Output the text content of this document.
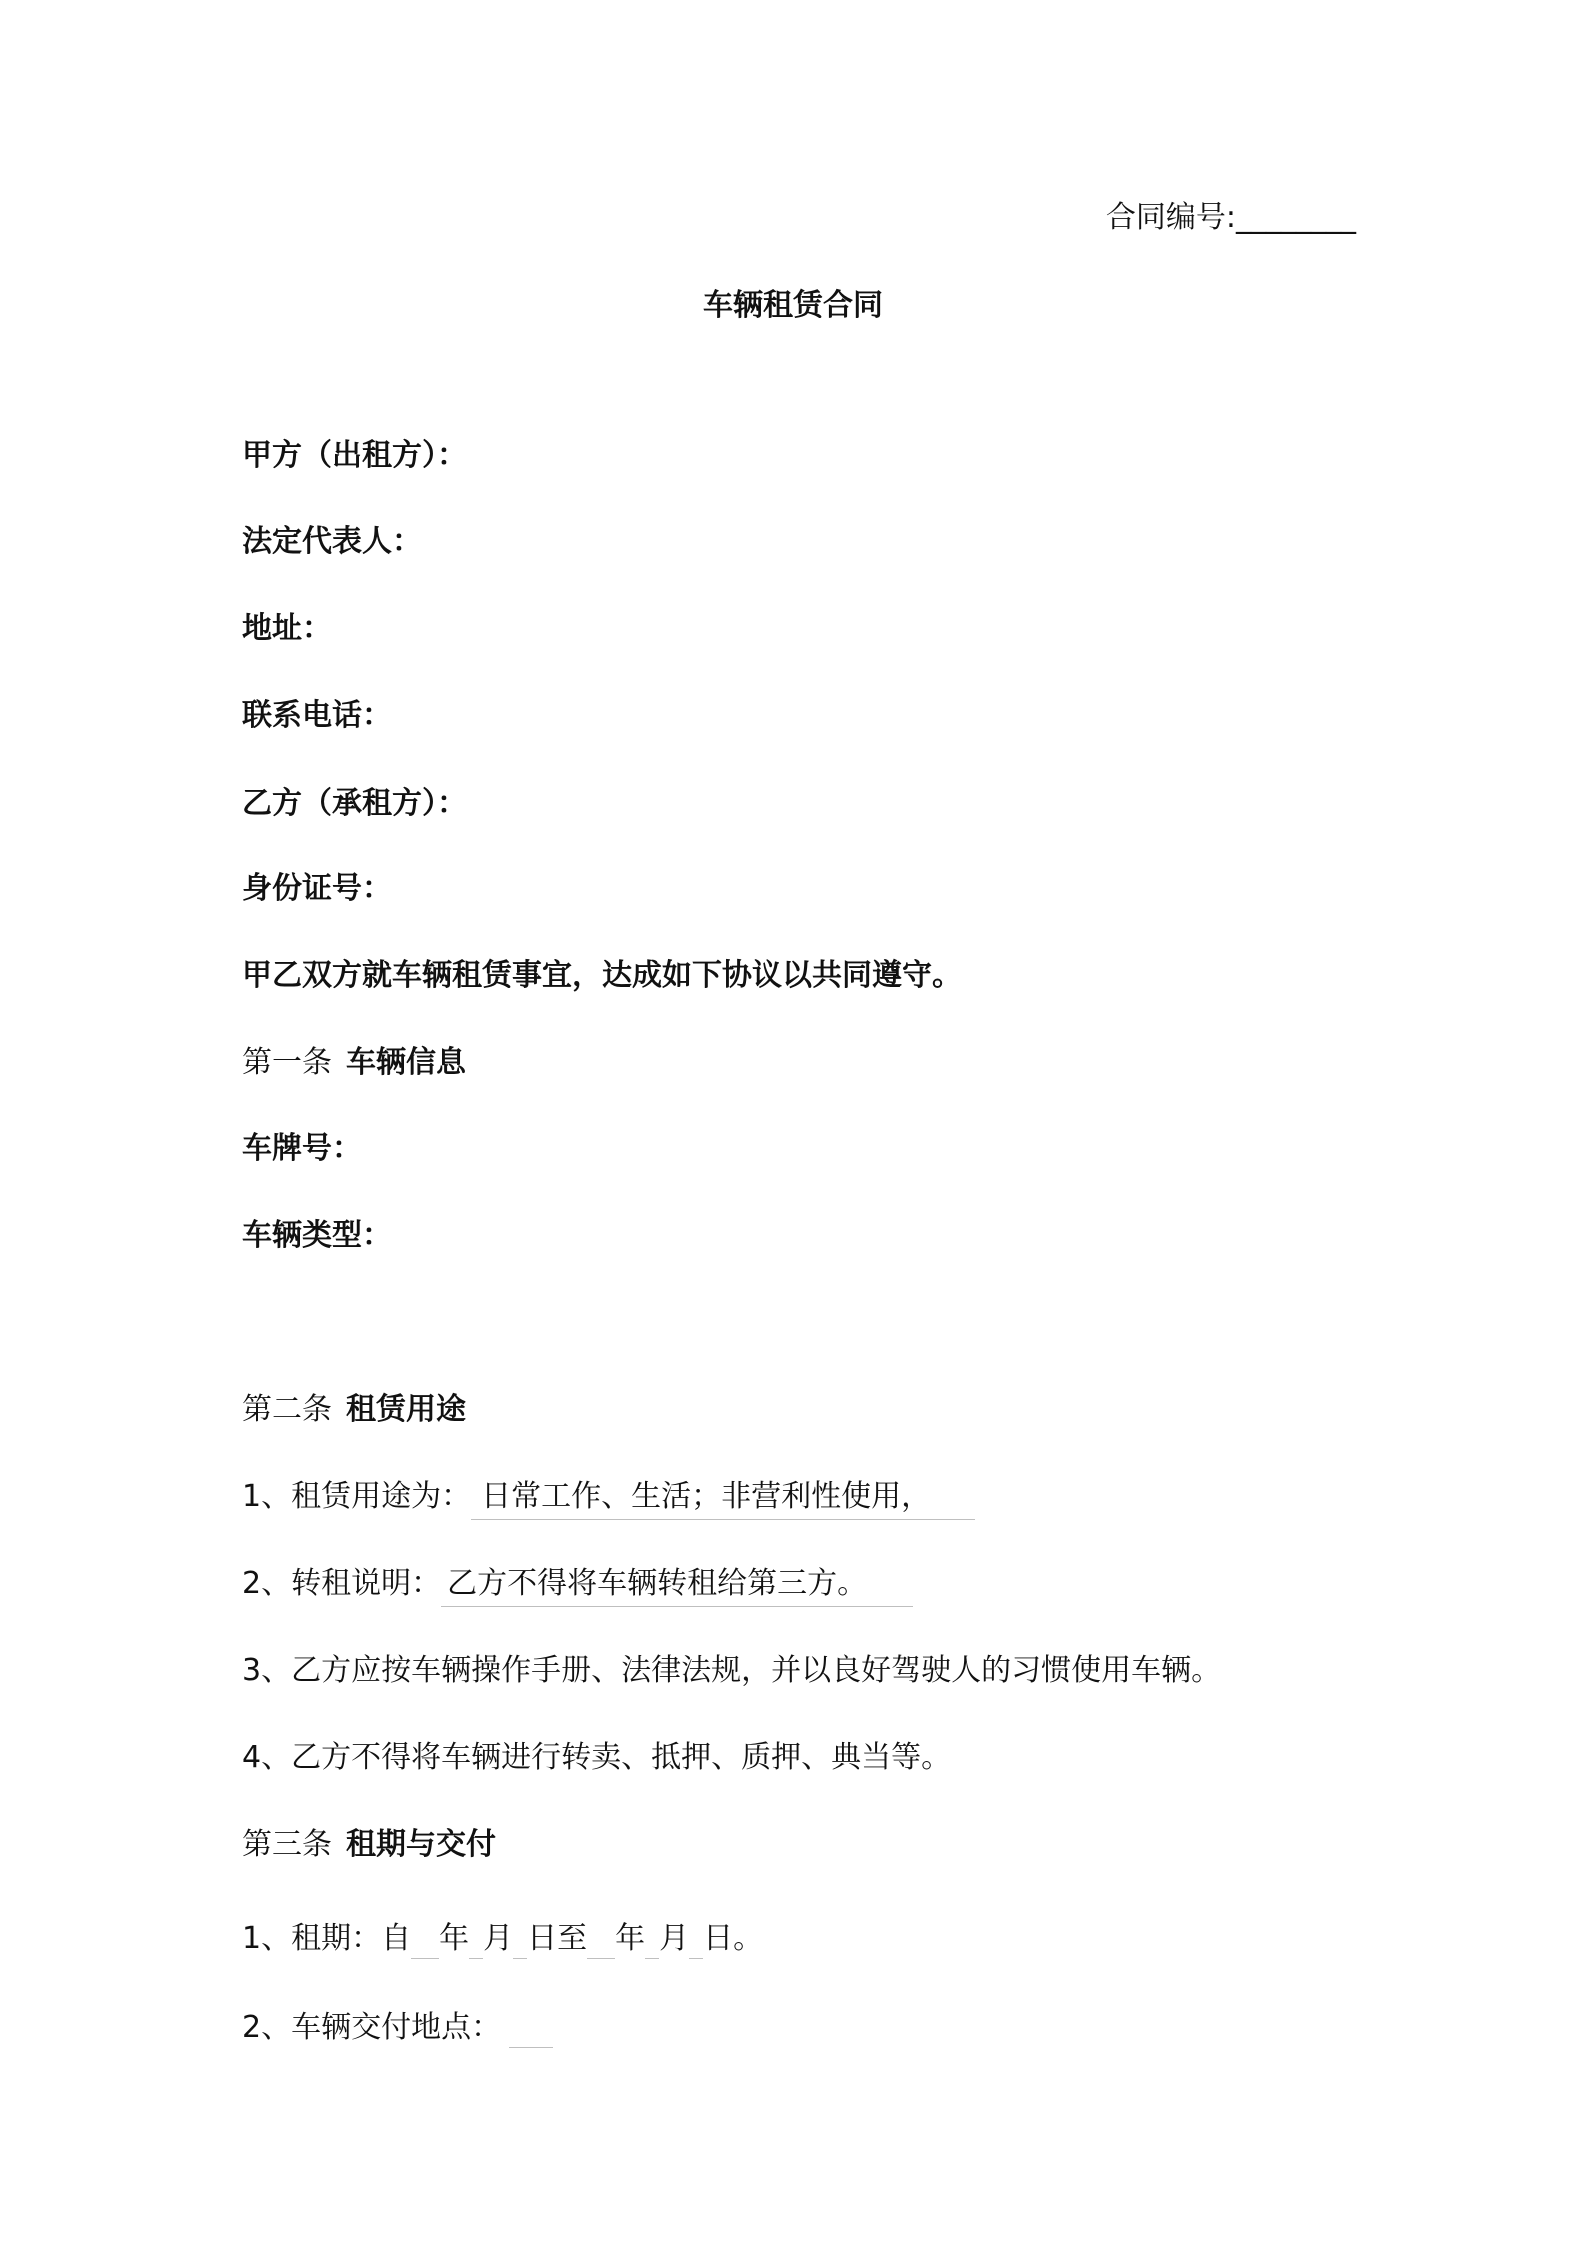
合同编号:________
车辆租赁合同
甲方（出租方）：
法定代表人：
地址：
联系电话：
乙方（承租方）：
身份证号：
甲乙双方就车辆租赁事宜，达成如下协议以共同遵守。
第一条 车辆信息
车牌号：
车辆类型：
第二条 租赁用途
1、租赁用途为： 日常工作、生活；非营利性使用，
2、转租说明： 乙方不得将车辆转租给第三方。
3、乙方应按车辆操作手册、法律法规，并以良好驾驶人的习惯使用车辆。
4、乙方不得将车辆进行转卖、抵押、质押、典当等。
第三条 租期与交付
1、租期：自 年 月 日至 年 月 日。
2、车辆交付地点：
